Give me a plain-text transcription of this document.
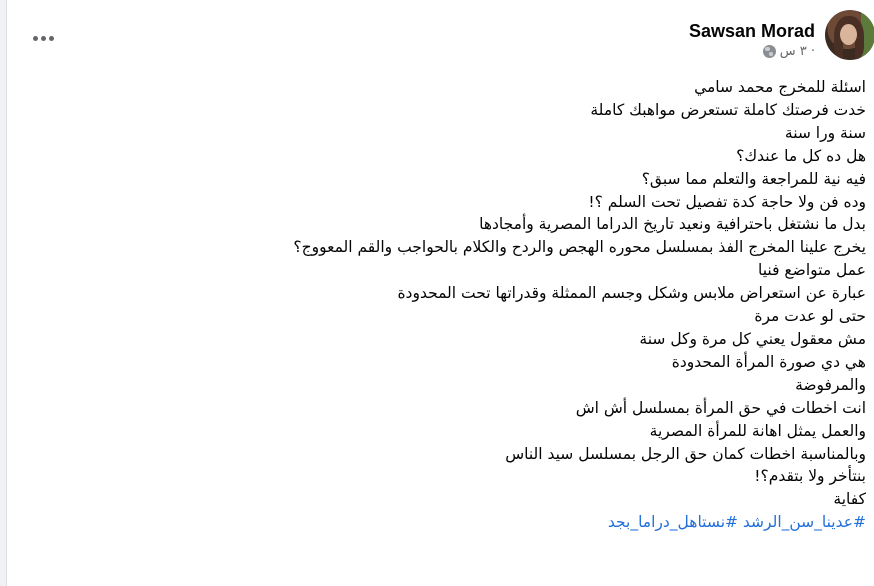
Sawsan Morad
٣ س ·
اسئلة للمخرج محمد سامي
خدت فرصتك كاملة تستعرض مواهبك كاملة
سنة ورا سنة
هل ده كل ما عندك؟
فيه نية للمراجعة والتعلم مما سبق؟
وده فن ولا حاجة كدة تفصيل تحت السلم ؟!
بدل ما نشتغل باحترافية ونعيد تاريخ الدراما المصرية وأمجادها
يخرج علينا المخرج الفذ بمسلسل محوره الهجص والردح والكلام بالحواجب والقم المعووج؟
عمل متواضع فنيا
عبارة عن استعراض ملابس وشكل وجسم الممثلة وقدراتها تحت المحدودة
حتى لو عدت مرة
مش معقول يعني كل مرة وكل سنة
هي دي صورة المرأة المحدودة
والمرفوضة
انت اخطات في حق المرأة بمسلسل أش اش
والعمل يمثل اهانة للمرأة المصرية
وبالمناسبة اخطات كمان حق الرجل بمسلسل سيد الناس
بنتأخر ولا بتقدم؟!
كفاية
#عدينا_سن_الرشد #نستاهل_دراما_بجد
